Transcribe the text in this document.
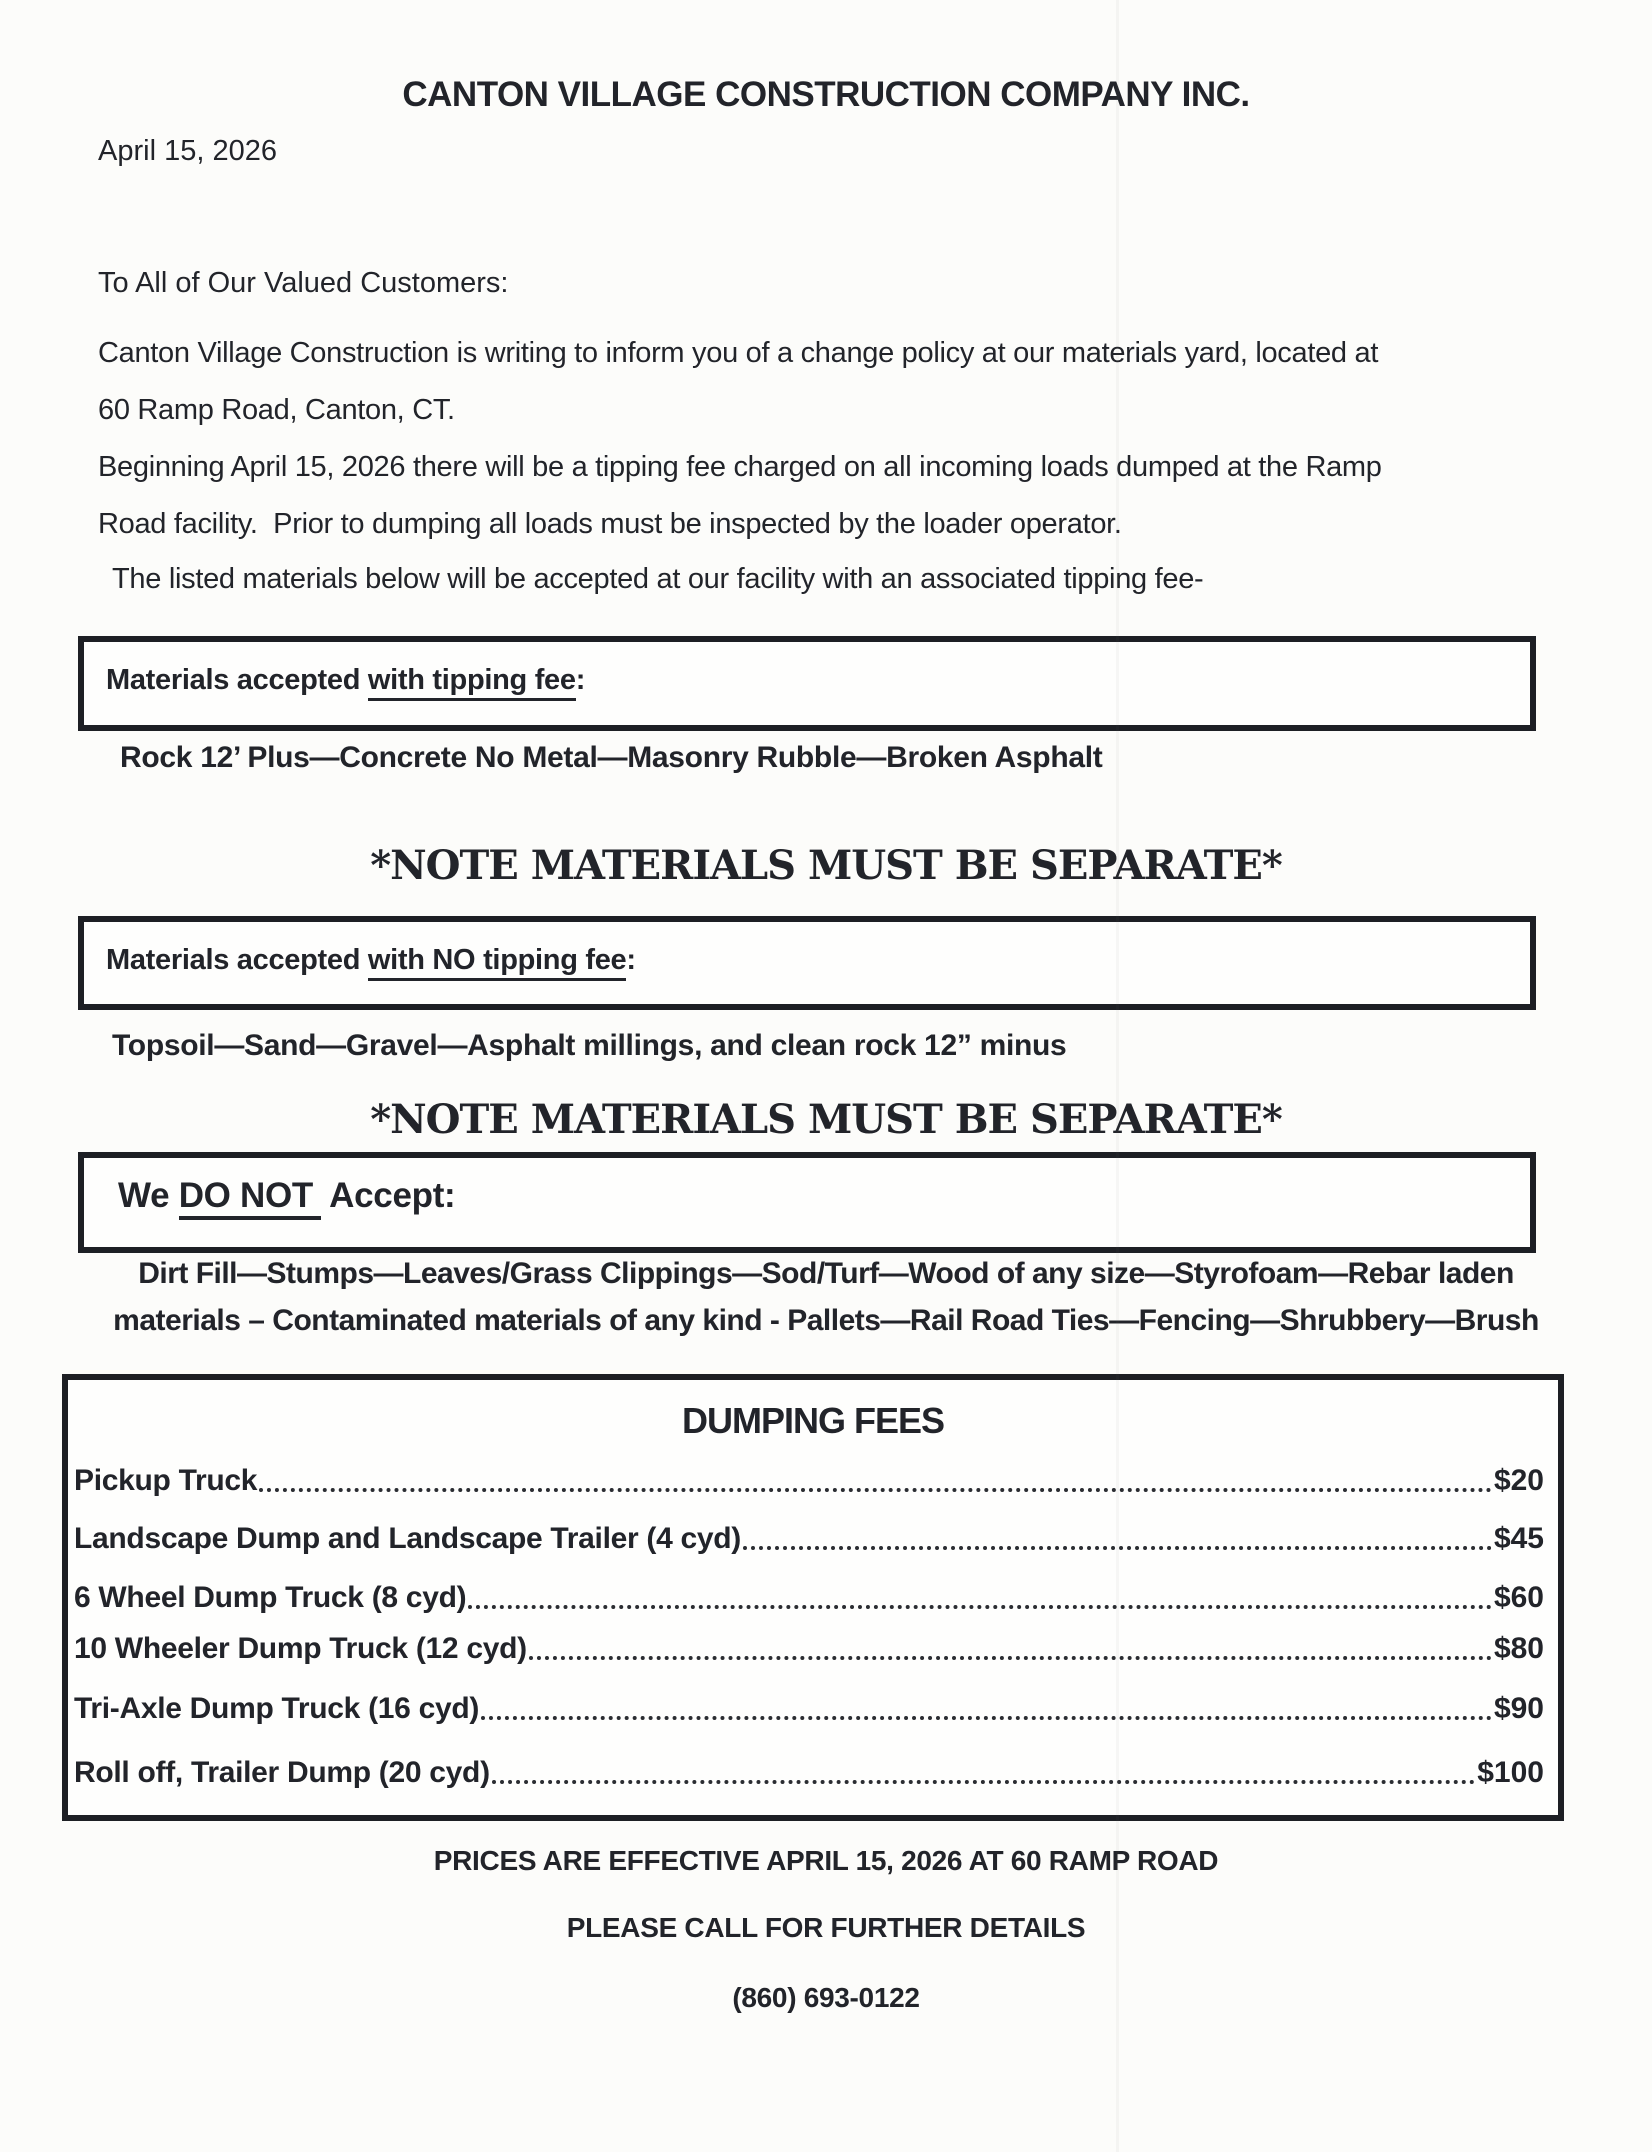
CANTON VILLAGE CONSTRUCTION COMPANY INC.
April 15, 2026
To All of Our Valued Customers:
Canton Village Construction is writing to inform you of a change policy at our materials yard, located at
60 Ramp Road, Canton, CT.
Beginning April 15, 2026 there will be a tipping fee charged on all incoming loads dumped at the Ramp
Road facility.  Prior to dumping all loads must be inspected by the loader operator.
The listed materials below will be accepted at our facility with an associated tipping fee-
Materials accepted with tipping fee:
Rock 12’ Plus—Concrete No Metal—Masonry Rubble—Broken Asphalt
*NOTE MATERIALS MUST BE SEPARATE*
Materials accepted with NO tipping fee:
Topsoil—Sand—Gravel—Asphalt millings, and clean rock 12” minus
*NOTE MATERIALS MUST BE SEPARATE*
We DO NOT Accept:
Dirt Fill—Stumps—Leaves/Grass Clippings—Sod/Turf—Wood of any size—Styrofoam—Rebar laden
materials – Contaminated materials of any kind - Pallets—Rail Road Ties—Fencing—Shrubbery—Brush
DUMPING FEES
Pickup Truck	$20
Landscape Dump and Landscape Trailer (4 cyd)	$45
6 Wheel Dump Truck (8 cyd)	$60
10 Wheeler Dump Truck (12 cyd)	$80
Tri-Axle Dump Truck (16 cyd)	$90
Roll off, Trailer Dump (20 cyd)	$100
PRICES ARE EFFECTIVE APRIL 15, 2026 AT 60 RAMP ROAD
PLEASE CALL FOR FURTHER DETAILS
(860) 693-0122
